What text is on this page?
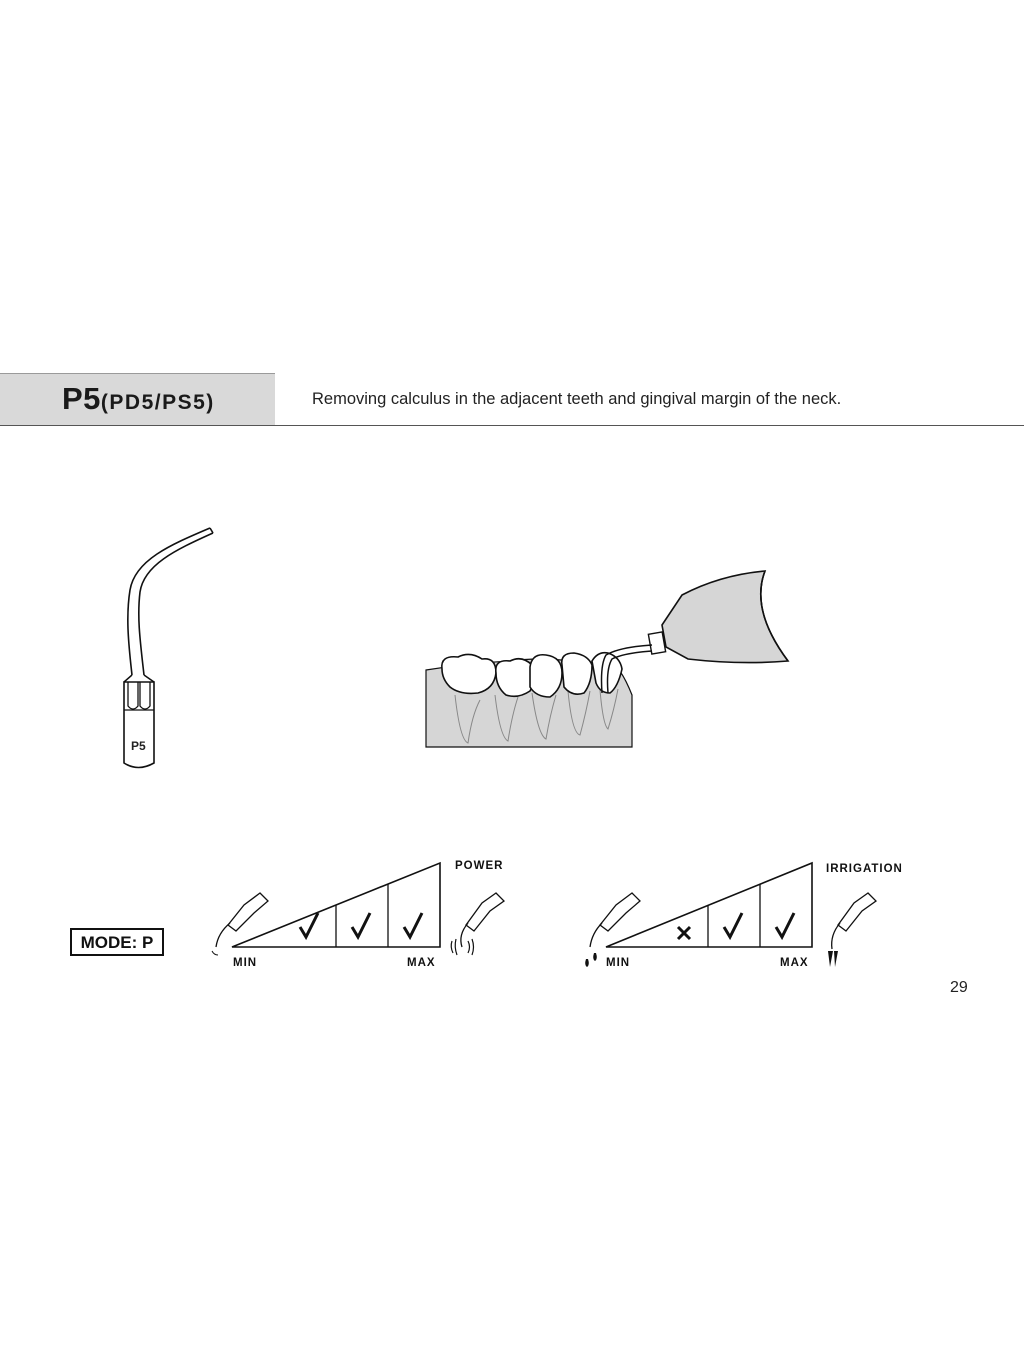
P5(PD5/PS5)	Removing calculus in the adjacent teeth and gingival margin of the neck.
P5
MODE: P
POWER
MIN	MAX
IRRIGATION
MIN	MAX
29
